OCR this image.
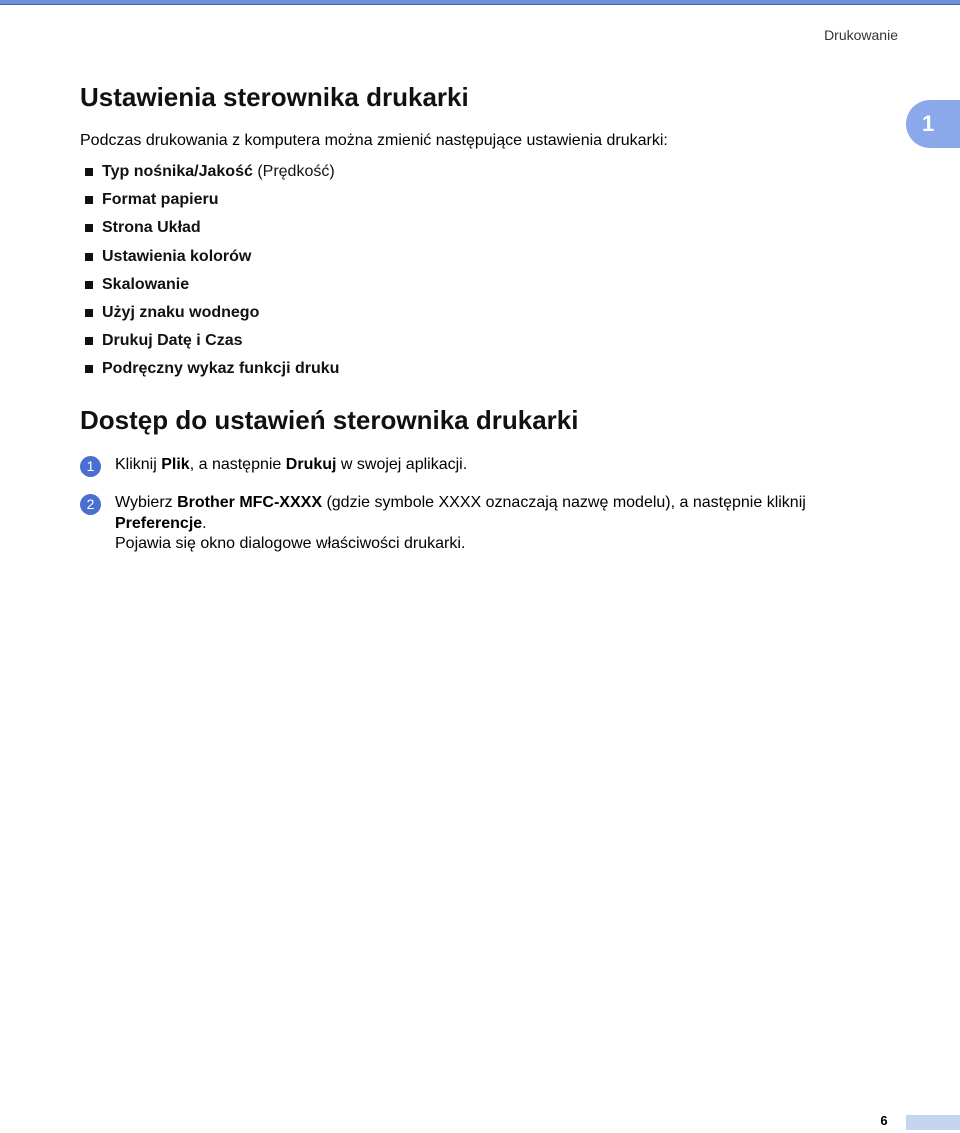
Drukowanie
1
Ustawienia sterownika drukarki
Podczas drukowania z komputera można zmienić następujące ustawienia drukarki:
Typ nośnika/Jakość (Prędkość)
Format papieru
Strona Układ
Ustawienia kolorów
Skalowanie
Użyj znaku wodnego
Drukuj Datę i Czas
Podręczny wykaz funkcji druku
Dostęp do ustawień sterownika drukarki
1	Kliknij Plik, a następnie Drukuj w swojej aplikacji.
2	Wybierz Brother MFC-XXXX (gdzie symbole XXXX oznaczają nazwę modelu), a następnie kliknij Preferencje.
Pojawia się okno dialogowe właściwości drukarki.
6
